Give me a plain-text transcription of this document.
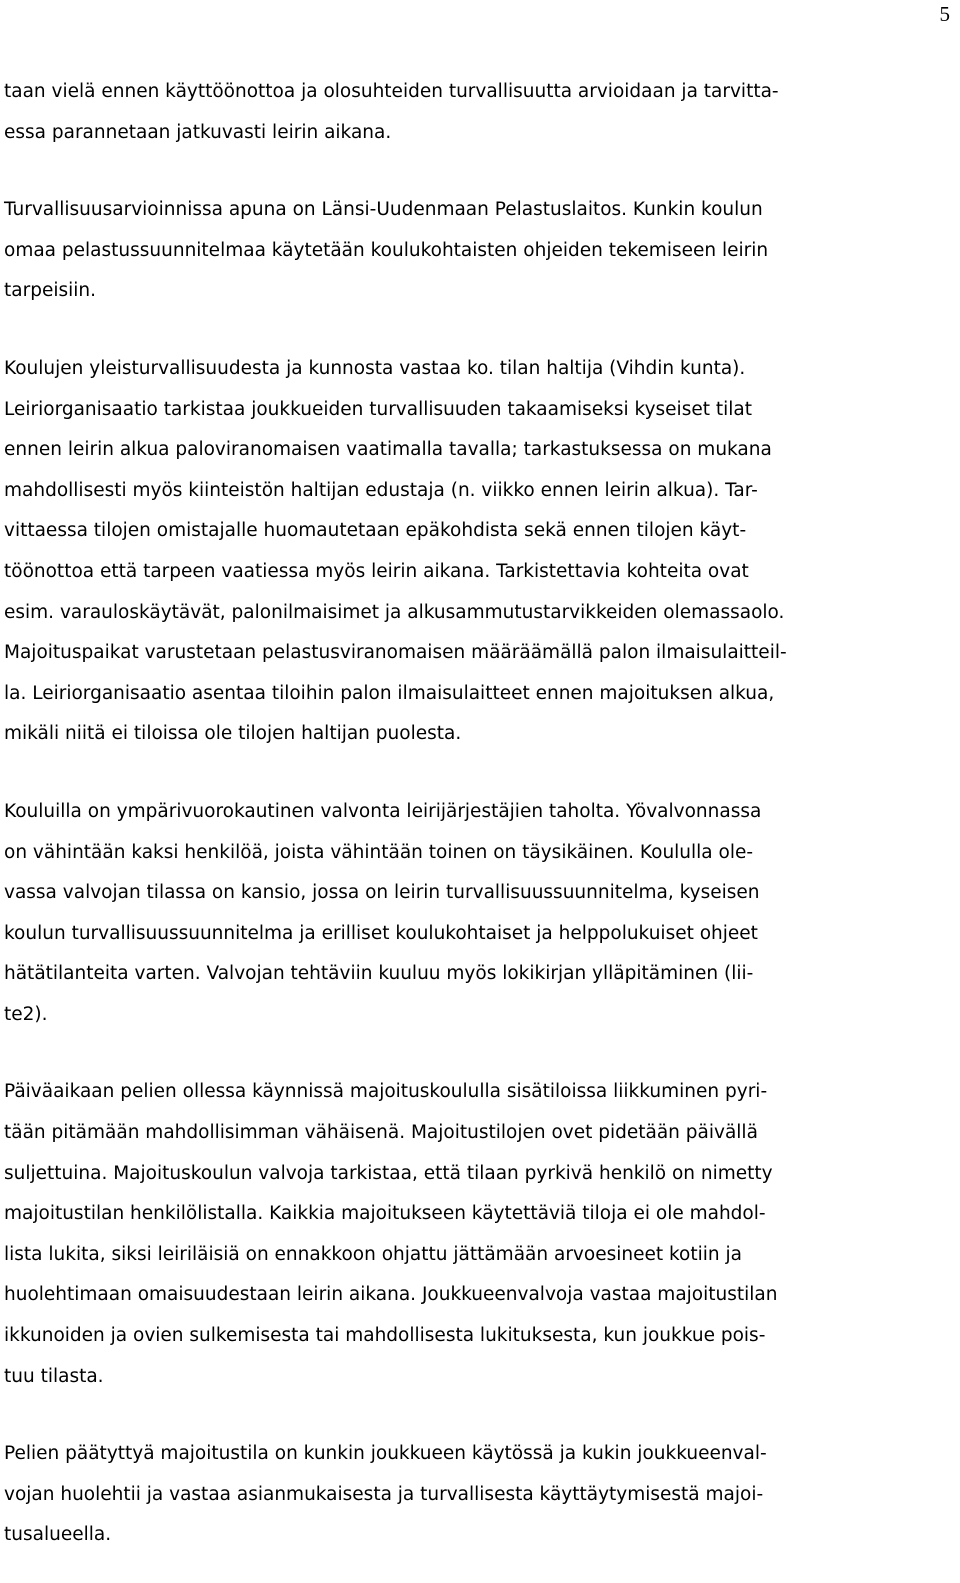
5

taan vielä ennen käyttöönottoa ja olosuhteiden turvallisuutta arvioidaan ja tarvitta-
essa parannetaan jatkuvasti leirin aikana.

Turvallisuusarvioinnissa apuna on Länsi-Uudenmaan Pelastuslaitos. Kunkin koulun
omaa pelastussuunnitelmaa käytetään koulukohtaisten ohjeiden tekemiseen leirin
tarpeisiin.

Koulujen yleisturvallisuudesta ja kunnosta vastaa ko. tilan haltija (Vihdin kunta).
Leiriorganisaatio tarkistaa joukkueiden turvallisuuden takaamiseksi kyseiset tilat
ennen leirin alkua paloviranomaisen vaatimalla tavalla; tarkastuksessa on mukana
mahdollisesti myös kiinteistön haltijan edustaja (n. viikko ennen leirin alkua). Tar-
vittaessa tilojen omistajalle huomautetaan epäkohdista sekä ennen tilojen käyt-
töönottoa että tarpeen vaatiessa myös leirin aikana. Tarkistettavia kohteita ovat
esim. varauloskäytävät, palonilmaisimet ja alkusammutustarvikkeiden olemassaolo.
Majoituspaikat varustetaan pelastusviranomaisen määräämällä palon ilmaisulaitteil-
la. Leiriorganisaatio asentaa tiloihin palon ilmaisulaitteet ennen majoituksen alkua,
mikäli niitä ei tiloissa ole tilojen haltijan puolesta.

Kouluilla on ympärivuorokautinen valvonta leirijärjestäjien taholta. Yövalvonnassa
on vähintään kaksi henkilöä, joista vähintään toinen on täysikäinen. Koululla ole-
vassa valvojan tilassa on kansio, jossa on leirin turvallisuussuunnitelma, kyseisen
koulun turvallisuussuunnitelma ja erilliset koulukohtaiset ja helppolukuiset ohjeet
hätätilanteita varten. Valvojan tehtäviin kuuluu myös lokikirjan ylläpitäminen (lii-
te2).

Päiväaikaan pelien ollessa käynnissä majoituskoululla sisätiloissa liikkuminen pyri-
tään pitämään mahdollisimman vähäisenä. Majoitustilojen ovet pidetään päivällä
suljettuina. Majoituskoulun valvoja tarkistaa, että tilaan pyrkivä henkilö on nimetty
majoitustilan henkilölistalla. Kaikkia majoitukseen käytettäviä tiloja ei ole mahdol-
lista lukita, siksi leiriläisiä on ennakkoon ohjattu jättämään arvoesineet kotiin ja
huolehtimaan omaisuudestaan leirin aikana. Joukkueenvalvoja vastaa majoitustilan
ikkunoiden ja ovien sulkemisesta tai mahdollisesta lukituksesta, kun joukkue pois-
tuu tilasta.

Pelien päätyttyä majoitustila on kunkin joukkueen käytössä ja kukin joukkueenval-
vojan huolehtii ja vastaa asianmukaisesta ja turvallisesta käyttäytymisestä majoi-
tusalueella.
